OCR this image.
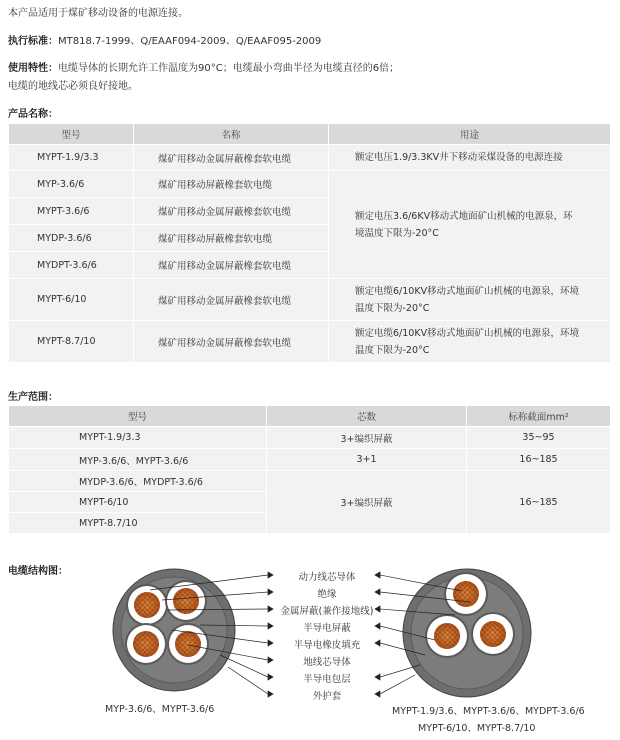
本产品适用于煤矿移动设备的电源连接。
执行标准：MT818.7-1999、Q/EAAF094-2009、Q/EAAF095-2009
使用特性：电缆导体的长期允许工作温度为90°C；电缆最小弯曲半径为电缆直径的6倍；
电缆的地线芯必须良好接地。
产品名称：
型号	名称	用途
MYPT-1.9/3.3	煤矿用移动金属屏蔽橡套软电缆	额定电压1.9/3.3KV井下移动采煤设备的电源连接
MYP-3.6/6	煤矿用移动屏蔽橡套软电缆	额定电压3.6/6KV移动式地面矿山机械的电源泉，环
境温度下限为-20°C
MYPT-3.6/6	煤矿用移动金属屏蔽橡套软电缆	
MYDP-3.6/6	煤矿用移动屏蔽橡套软电缆	
MYDPT-3.6/6	煤矿用移动金属屏蔽橡套软电缆	
MYPT-6/10	煤矿用移动金属屏蔽橡套软电缆	额定电缆6/10KV移动式地面矿山机械的电源泉，环境
温度下限为-20°C
MYPT-8.7/10	煤矿用移动金属屏蔽橡套软电缆	额定电缆6/10KV移动式地面矿山机械的电源泉，环境
温度下限为-20°C
生产范围：
型号	芯数	标称截面mm²
MYPT-1.9/3.3	3+编织屏蔽	35~95
MYP-3.6/6、MYPT-3.6/6	3+1	16~185
MYDP-3.6/6、MYDPT-3.6/6	3+编织屏蔽	16~185
MYPT-6/10		
MYPT-8.7/10		
电缆结构图：
动力线芯导体
绝缘
金属屏蔽(兼作接地线)
半导电屏蔽
半导电橡皮填充
地线芯导体
半导电包层
外护套
MYP-3.6/6、MYPT-3.6/6	MYPT-1.9/3.6、MYPT-3.6/6、MYDPT-3.6/6
MYPT-6/10、MYPT-8.7/10
